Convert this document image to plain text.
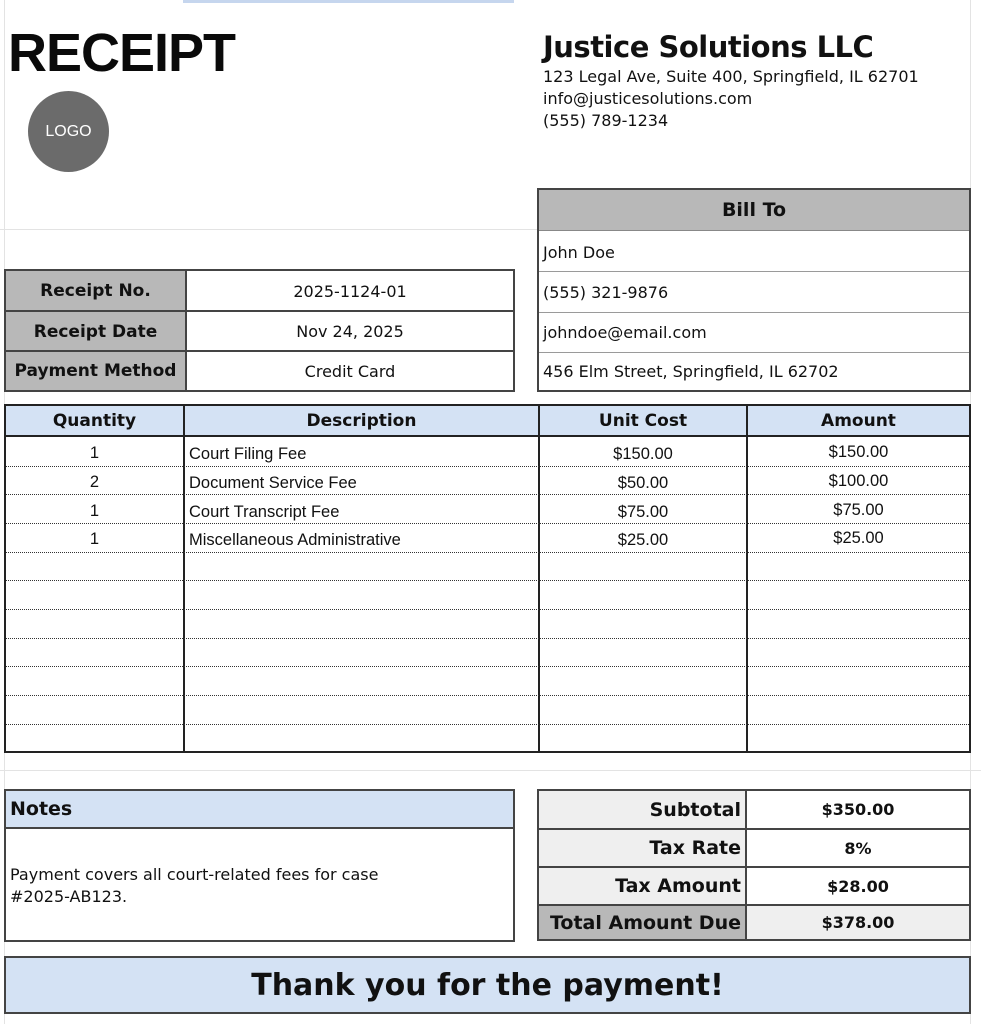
RECEIPT
LOGO
Justice Solutions LLC
123 Legal Ave, Suite 400, Springfield, IL 62701
info@justicesolutions.com
(555) 789-1234
Bill To
John Doe
(555) 321-9876
johndoe@email.com
456 Elm Street, Springfield, IL 62702
Receipt No.	2025-1124-01
Receipt Date	Nov 24, 2025
Payment Method	Credit Card
Quantity	Description	Unit Cost	Amount
1	Court Filing Fee	$150.00	$150.00
2	Document Service Fee	$50.00	$100.00
1	Court Transcript Fee	$75.00	$75.00
1	Miscellaneous Administrative	$25.00	$25.00
Notes
Payment covers all court-related fees for case
#2025-AB123.
Subtotal	$350.00
Tax Rate	8%
Tax Amount	$28.00
Total Amount Due	$378.00
Thank you for the payment!
